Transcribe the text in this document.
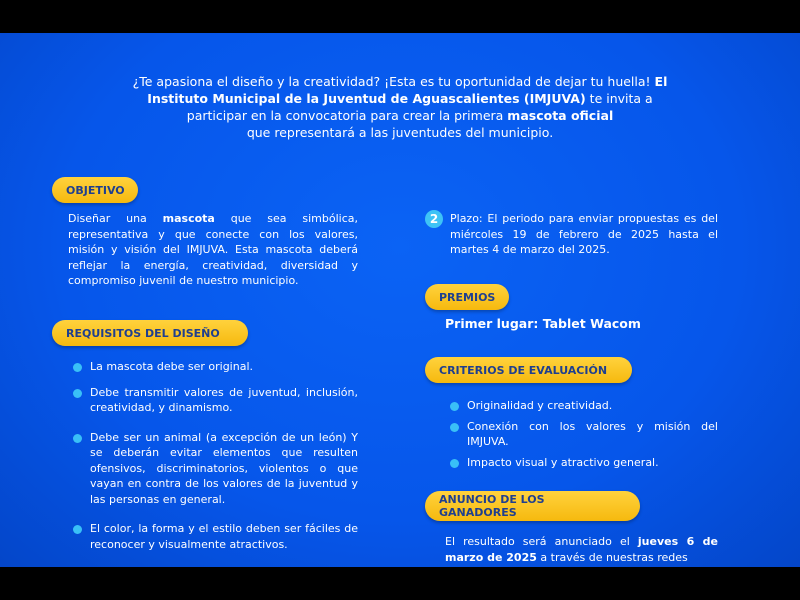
¿Te apasiona el diseño y la creatividad? ¡Esta es tu oportunidad de dejar tu huella! El Instituto Municipal de la Juventud de Aguascalientes (IMJUVA) te invita a participar en la convocatoria para crear la primera mascota oficial
que representará a las juventudes del municipio.

OBJETIVO

Diseñar una mascota que sea simbólica, representativa y que conecte con los valores, misión y visión del IMJUVA. Esta mascota deberá reflejar la energía, creatividad, diversidad y compromiso juvenil de nuestro municipio.

REQUISITOS DEL DISEÑO
La mascota debe ser original.
Debe transmitir valores de juventud, inclusión, creatividad, y dinamismo.
Debe ser un animal (a excepción de un león) Y se deberán evitar elementos que resulten ofensivos, discriminatorios, violentos o que vayan en contra de los valores de la juventud y las personas en general.
El color, la forma y el estilo deben ser fáciles de reconocer y visualmente atractivos.
2	Plazo: El periodo para enviar propuestas es del miércoles 19 de febrero de 2025 hasta el martes 4 de marzo del 2025.

PREMIOS

Primer lugar: Tablet Wacom

CRITERIOS DE EVALUACIÓN
Originalidad y creatividad.
Conexión con los valores y misión del IMJUVA.
Impacto visual y atractivo general.
ANUNCIO DE LOS GANADORES

El resultado será anunciado el jueves 6 de marzo de 2025 a través de nuestras redes
